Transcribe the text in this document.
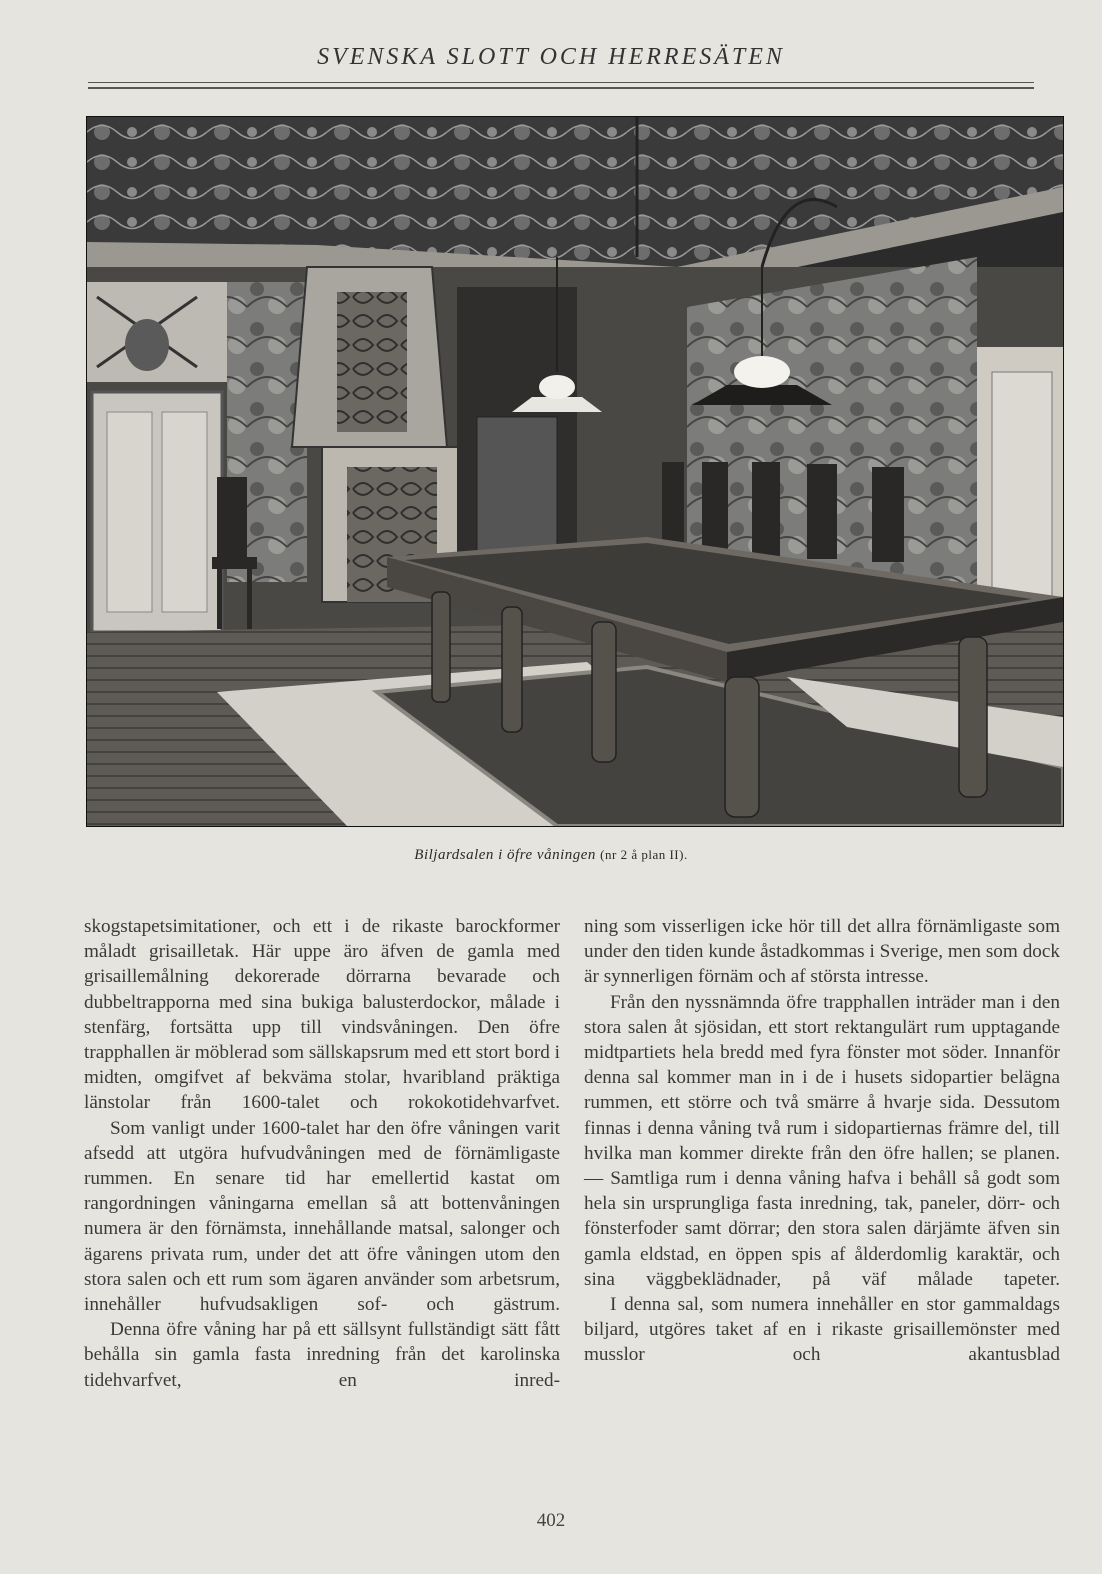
SVENSKA SLOTT OCH HERRESÄTEN
Biljardsalen i öfre våningen (nr 2 å plan II).

skogstapetsimitationer, och ett i de rikaste barockformer måladt grisailletak. Här uppe äro äfven de gamla med grisaillemålning dekorerade dörrarna bevarade och dubbeltrapporna med sina bukiga balusterdockor, målade i stenfärg, fortsätta upp till vindsvåningen. Den öfre trapphallen är möblerad som sällskapsrum med ett stort bord i midten, omgifvet af bekväma stolar, hvaribland präktiga länstolar från 1600-talet och rokokotidehvarfvet.

Som vanligt under 1600-talet har den öfre våningen varit afsedd att utgöra hufvudvåningen med de förnämligaste rummen. En senare tid har emellertid kastat om rangordningen våningarna emellan så att bottenvåningen numera är den förnämsta, innehållande matsal, salonger och ägarens privata rum, under det att öfre våningen utom den stora salen och ett rum som ägaren använder som arbetsrum, innehåller hufvudsakligen sof- och gästrum.

Denna öfre våning har på ett sällsynt fullständigt sätt fått behålla sin gamla fasta inredning från det karolinska tidehvarfvet, en inred-

ning som visserligen icke hör till det allra förnämligaste som under den tiden kunde åstadkommas i Sverige, men som dock är synnerligen förnäm och af största intresse.

Från den nyssnämnda öfre trapphallen inträder man i den stora salen åt sjösidan, ett stort rektangulärt rum upptagande midtpartiets hela bredd med fyra fönster mot söder. Innanför denna sal kommer man in i de i husets sidopartier belägna rummen, ett större och två smärre å hvarje sida. Dessutom finnas i denna våning två rum i sidopartiernas främre del, till hvilka man kommer direkte från den öfre hallen; se planen. — Samtliga rum i denna våning hafva i behåll så godt som hela sin ursprungliga fasta inredning, tak, paneler, dörr- och fönsterfoder samt dörrar; den stora salen därjämte äfven sin gamla eldstad, en öppen spis af ålderdomlig karaktär, och sina väggbeklädnader, på väf målade tapeter.

I denna sal, som numera innehåller en stor gammaldags biljard, utgöres taket af en i rikaste grisaillemönster med musslor och akantusblad

402
